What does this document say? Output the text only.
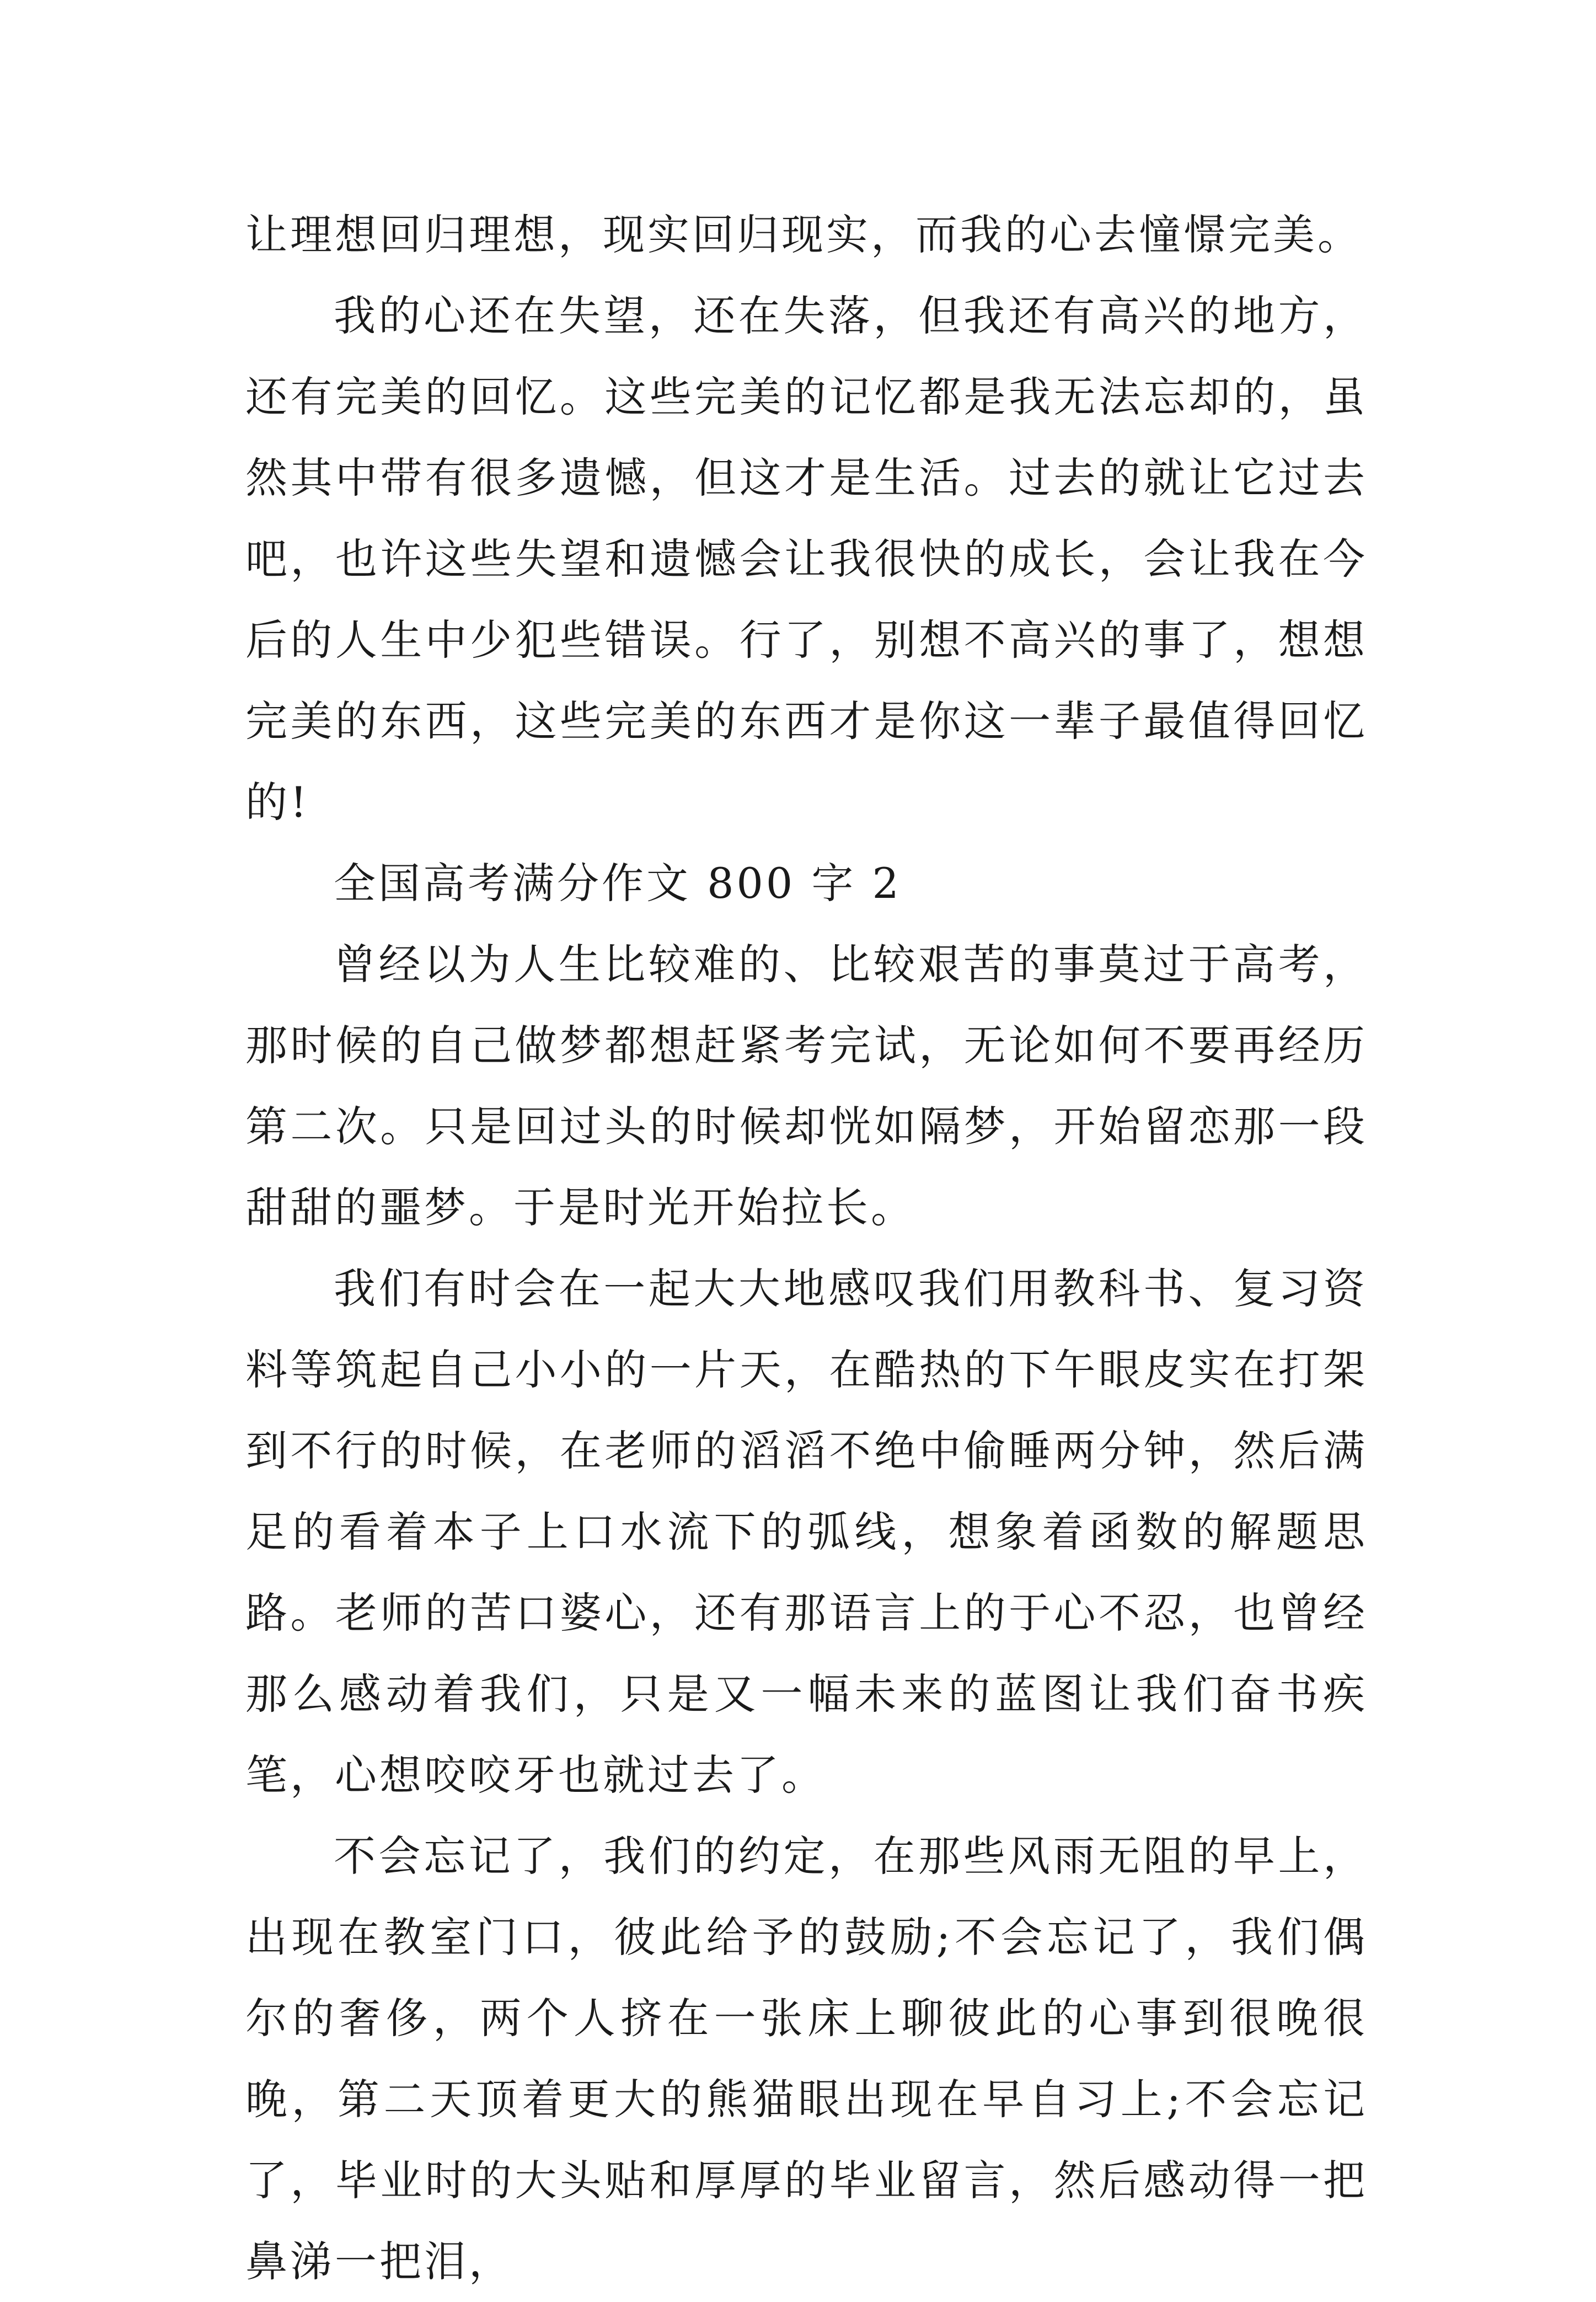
让理想回归理想，现实回归现实，而我的心去憧憬完美。

我的心还在失望，还在失落，但我还有高兴的地方，还有完美的回忆。这些完美的记忆都是我无法忘却的，虽然其中带有很多遗憾，但这才是生活。过去的就让它过去吧，也许这些失望和遗憾会让我很快的成长，会让我在今后的人生中少犯些错误。行了，别想不高兴的事了，想想完美的东西，这些完美的东西才是你这一辈子最值得回忆的!

全国高考满分作文 800 字 2

曾经以为人生比较难的、比较艰苦的事莫过于高考，那时候的自己做梦都想赶紧考完试，无论如何不要再经历第二次。只是回过头的时候却恍如隔梦，开始留恋那一段甜甜的噩梦。于是时光开始拉长。

我们有时会在一起大大地感叹我们用教科书、复习资料等筑起自己小小的一片天，在酷热的下午眼皮实在打架到不行的时候，在老师的滔滔不绝中偷睡两分钟，然后满足的看着本子上口水流下的弧线，想象着函数的解题思路。老师的苦口婆心，还有那语言上的于心不忍，也曾经那么感动着我们，只是又一幅未来的蓝图让我们奋书疾笔，心想咬咬牙也就过去了。

不会忘记了，我们的约定，在那些风雨无阻的早上，出现在教室门口，彼此给予的鼓励;不会忘记了，我们偶尔的奢侈，两个人挤在一张床上聊彼此的心事到很晚很晚，第二天顶着更大的熊猫眼出现在早自习上;不会忘记了，毕业时的大头贴和厚厚的毕业留言，然后感动得一把鼻涕一把泪，
